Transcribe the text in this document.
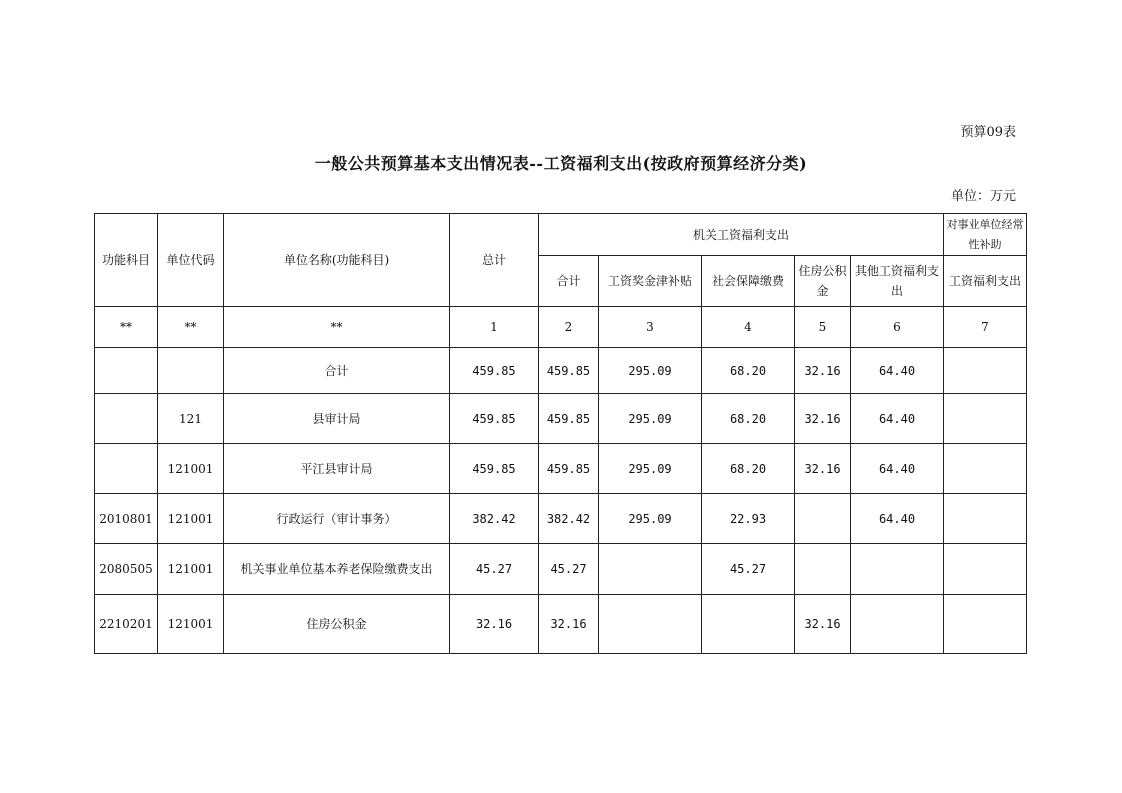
预算09表
一般公共预算基本支出情况表--工资福利支出(按政府预算经济分类)
单位：万元
功能科目	单位代码	单位名称(功能科目)	总计	机关工资福利支出					对事业单位经常性补助
				合计	工资奖金津补贴	社会保障缴费	住房公积金	其他工资福利支出	工资福利支出
**	**	**	1	2	3	4	5	6	7
		合计	459.85	459.85	295.09	68.20	32.16	64.40	
	121	县审计局	459.85	459.85	295.09	68.20	32.16	64.40	
	121001	平江县审计局	459.85	459.85	295.09	68.20	32.16	64.40	
2010801	121001	行政运行（审计事务）	382.42	382.42	295.09	22.93		64.40	
2080505	121001	机关事业单位基本养老保险缴费支出	45.27	45.27		45.27			
2210201	121001	住房公积金	32.16	32.16			32.16		
